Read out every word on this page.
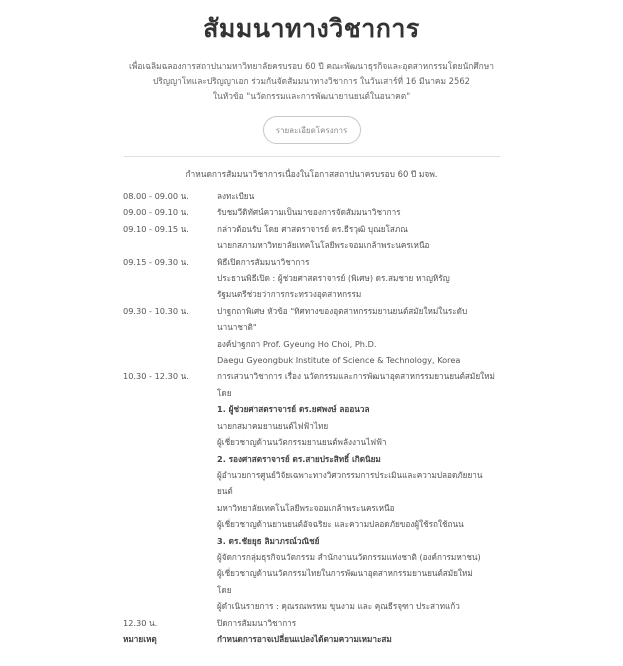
สัมมนาทางวิชาการ
เพื่อเฉลิมฉลองการสถาปนามหาวิทยาลัยครบรอบ 60 ปี คณะพัฒนาธุรกิจและอุตสาหกรรมโดยนักศึกษา
ปริญญาโทและปริญญาเอก ร่วมกันจัดสัมมนาทางวิชาการ ในวันเสาร์ที่ 16 มีนาคม 2562
ในหัวข้อ "นวัตกรรมและการพัฒนายานยนต์ในอนาคต"
รายละเอียดโครงการ
กำหนดการสัมมนาวิชาการเนื่องในโอกาสสถาปนาครบรอบ 60 ปี มจพ.
08.00 - 09.00 น.	ลงทะเบียน
09.00 - 09.10 น.	รับชมวีดิทัศน์ความเป็นมาของการจัดสัมมนาวิชาการ
09.10 - 09.15 น.	กล่าวต้อนรับ โดย ศาสตราจารย์ ดร.ธีรวุฒิ บุณยโสภณ
นายกสภามหาวิทยาลัยเทคโนโลยีพระจอมเกล้าพระนครเหนือ
09.15 - 09.30 น.	พิธีเปิดการสัมมนาวิชาการ
ประธานพิธีเปิด : ผู้ช่วยศาสตราจารย์ (พิเศษ) ดร.สมชาย หาญหิรัญ
รัฐมนตรีช่วยว่าการกระทรวงอุตสาหกรรม
09.30 - 10.30 น.	ปาฐกถาพิเศษ หัวข้อ "ทิศทางของอุตสาหกรรมยานยนต์สมัยใหม่ในระดับ
นานาชาติ"
องค์ปาฐกถา Prof. Gyeung Ho Choi, Ph.D.
Daegu Gyeongbuk Institute of Science & Technology, Korea
10.30 - 12.30 น.	การเสวนาวิชาการ เรื่อง นวัตกรรมและการพัฒนาอุตสาหกรรมยานยนต์สมัยใหม่
โดย
1. ผู้ช่วยศาสตราจารย์ ดร.ยศพงษ์ ลออนวล
นายกสมาคมยานยนต์ไฟฟ้าไทย
ผู้เชี่ยวชาญด้านนวัตกรรมยานยนต์พลังงานไฟฟ้า
2. รองศาสตราจารย์ ดร.สายประสิทธิ์ เกิดนิยม
ผู้อำนวยการศูนย์วิจัยเฉพาะทางวิศวกรรมการประเมินและความปลอดภัยยาน
ยนต์
มหาวิทยาลัยเทคโนโลยีพระจอมเกล้าพระนครเหนือ
ผู้เชี่ยวชาญด้านยานยนต์อัจฉริยะ และความปลอดภัยของผู้ใช้รถใช้ถนน
3. ดร.ชัยยุธ ลิมาภรณ์วณิชย์
ผู้จัดการกลุ่มธุรกิจนวัตกรรม สำนักงานนวัตกรรมแห่งชาติ (องค์การมหาชน)
ผู้เชี่ยวชาญด้านนวัตกรรมไทยในการพัฒนาอุตสาหกรรมยานยนต์สมัยใหม่
โดย
ผู้ดำเนินรายการ : คุณรณพรหม ขุนงาม และ คุณธีรจุฑา ประสาทแก้ว
12.30 น.	ปิดการสัมมนาวิชาการ
หมายเหตุ	กำหนดการอาจเปลี่ยนแปลงได้ตามความเหมาะสม
